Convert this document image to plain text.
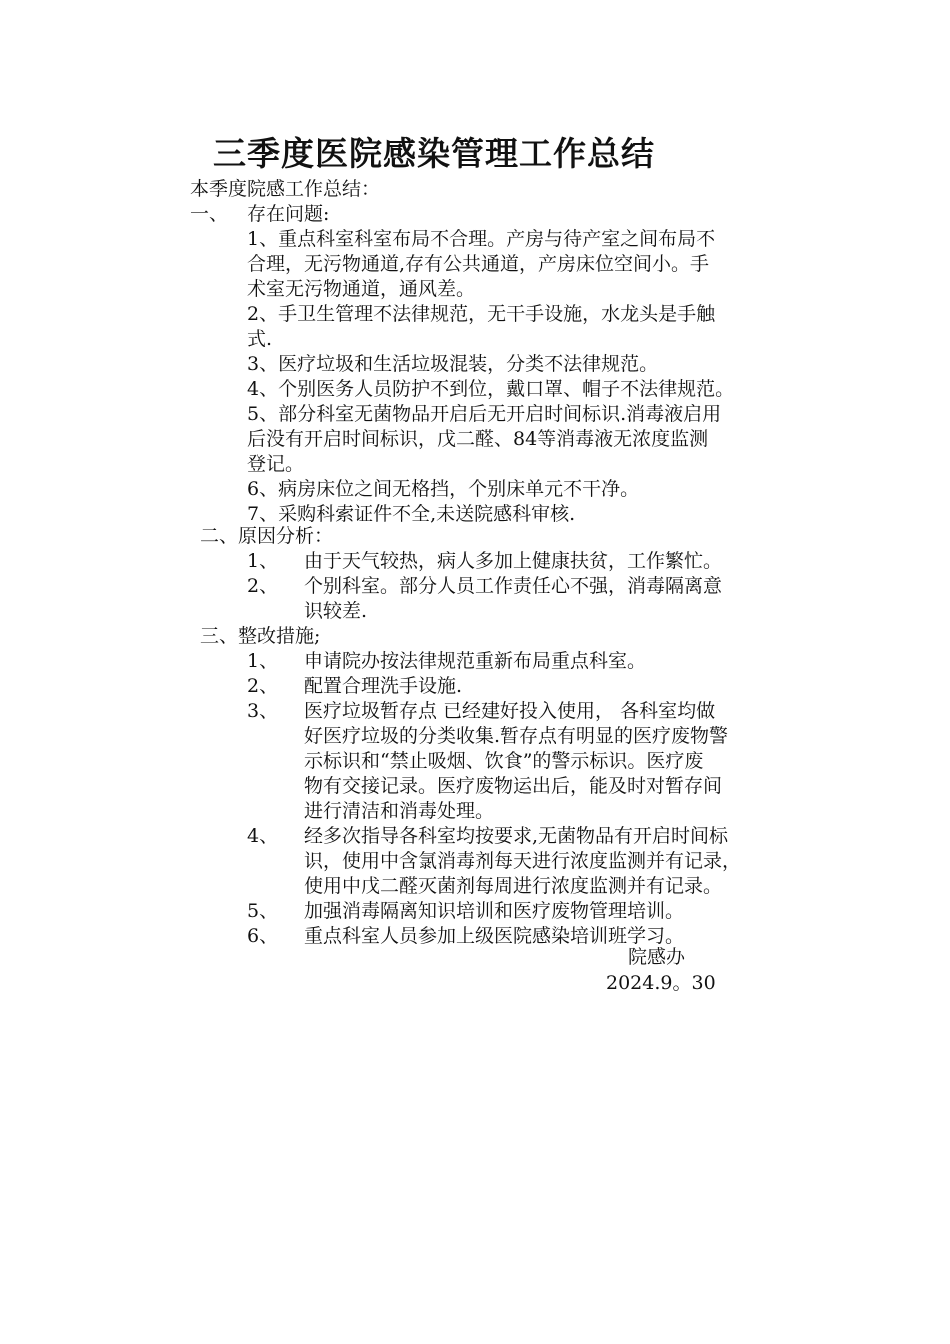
三季度医院感染管理工作总结
本季度院感工作总结：
一、 存在问题:
1、重点科室科室布局不合理。产房与待产室之间布局不
合理，无污物通道,存有公共通道，产房床位空间小。手
术室无污物通道，通风差。
2、手卫生管理不法律规范，无干手设施，水龙头是手触
式.
3、医疗垃圾和生活垃圾混装，分类不法律规范。
4、个别医务人员防护不到位，戴口罩、帽子不法律规范。
5、部分科室无菌物品开启后无开启时间标识.消毒液启用
后没有开启时间标识，戊二醛、84等消毒液无浓度监测
登记。
6、病房床位之间无格挡，个别床单元不干净。
7、采购科索证件不全,未送院感科审核.
二、原因分析：
1、 由于天气较热，病人多加上健康扶贫，工作繁忙。
2、 个别科室。部分人员工作责任心不强，消毒隔离意
识较差.
三、整改措施;
1、 申请院办按法律规范重新布局重点科室。
2、 配置合理洗手设施.
3、 医疗垃圾暂存点 已经建好投入使用， 各科室均做
好医疗垃圾的分类收集.暂存点有明显的医疗废物警
示标识和“禁止吸烟、饮食”的警示标识。医疗废
物有交接记录。医疗废物运出后，能及时对暂存间
进行清洁和消毒处理。
4、 经多次指导各科室均按要求,无菌物品有开启时间标
识，使用中含氯消毒剂每天进行浓度监测并有记录，
使用中戊二醛灭菌剂每周进行浓度监测并有记录。
5、 加强消毒隔离知识培训和医疗废物管理培训。
6、 重点科室人员参加上级医院感染培训班学习。
院感办
2024.9。30
